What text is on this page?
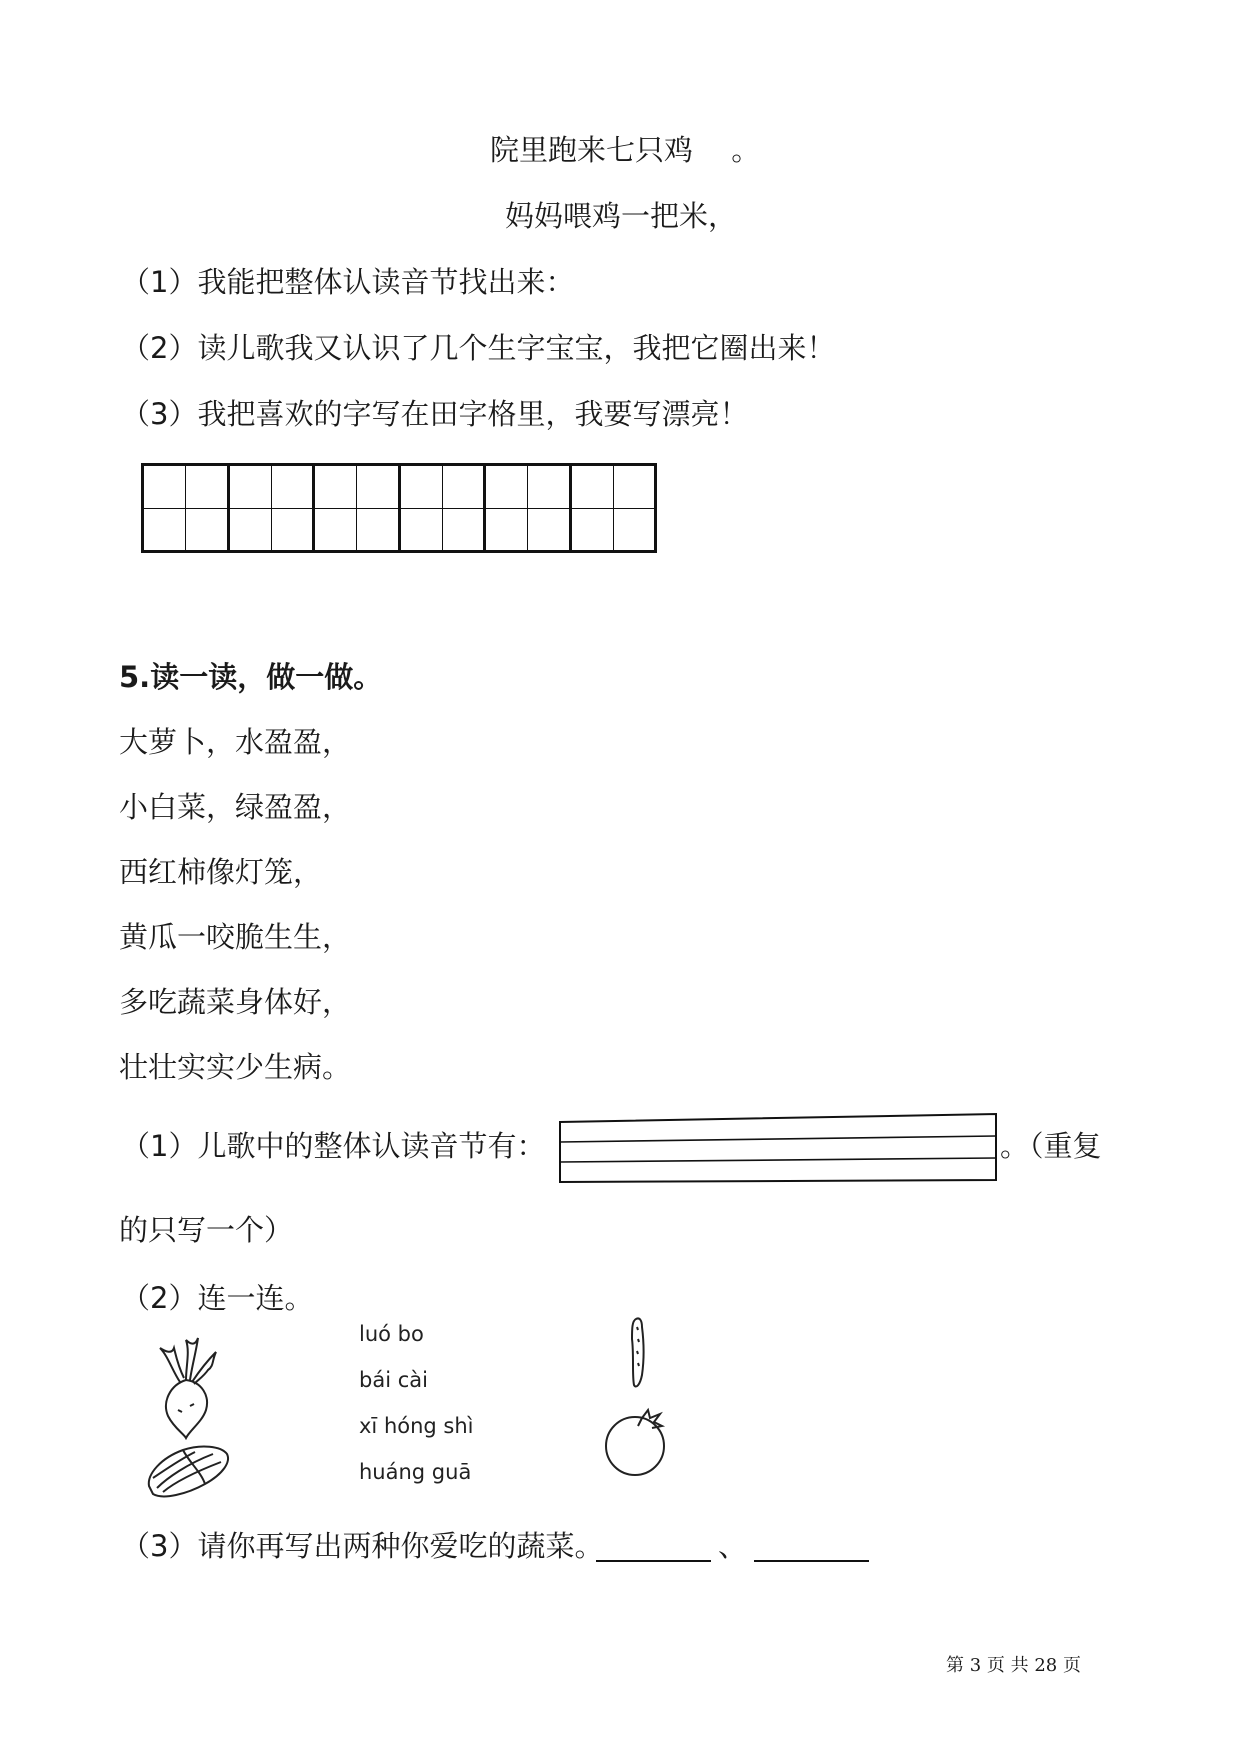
院里跑来七只鸡　 。
妈妈喂鸡一把米，
（1）我能把整体认读音节找出来：
（2）读儿歌我又认识了几个生字宝宝，我把它圈出来！
（3）我把喜欢的字写在田字格里，我要写漂亮！
5.读一读，做一做。
大萝卜，水盈盈，
小白菜，绿盈盈，
西红柿像灯笼，
黄瓜一咬脆生生，
多吃蔬菜身体好，
壮壮实实少生病。
（1）儿歌中的整体认读音节有：	。（重复
的只写一个）
（2）连一连。
luó bo
bái cài
xī hóng shì
huáng guā
（3）请你再写出两种你爱吃的蔬菜。	、
第 3 页 共 28 页
